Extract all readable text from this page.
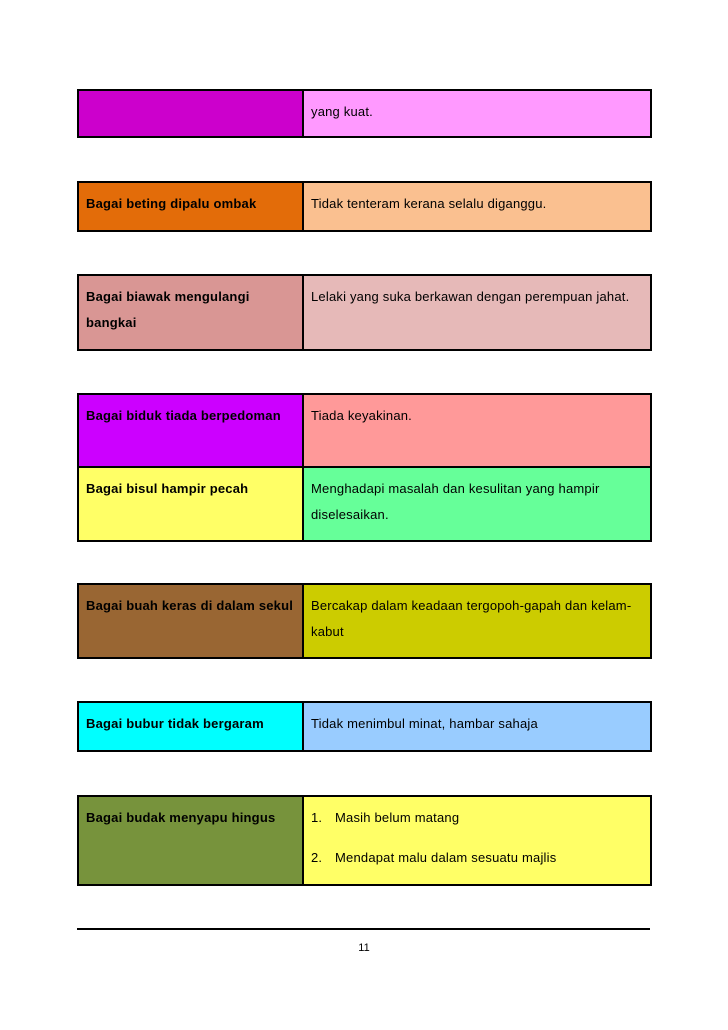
	yang kuat.
Bagai beting dipalu ombak	Tidak tenteram kerana selalu diganggu.
Bagai biawak mengulangi bangkai	Lelaki yang suka berkawan dengan perempuan jahat.
Bagai biduk tiada berpedoman	Tiada keyakinan.
Bagai bisul hampir pecah	Menghadapi masalah dan kesulitan yang hampir diselesaikan.
Bagai buah keras di dalam sekul	Bercakap dalam keadaan tergopoh-gapah dan kelam-kabut
Bagai bubur tidak bergaram	Tidak menimbul minat, hambar sahaja
Bagai budak menyapu hingus	1. Masih belum matang
2. Mendapat malu dalam sesuatu majlis
11
